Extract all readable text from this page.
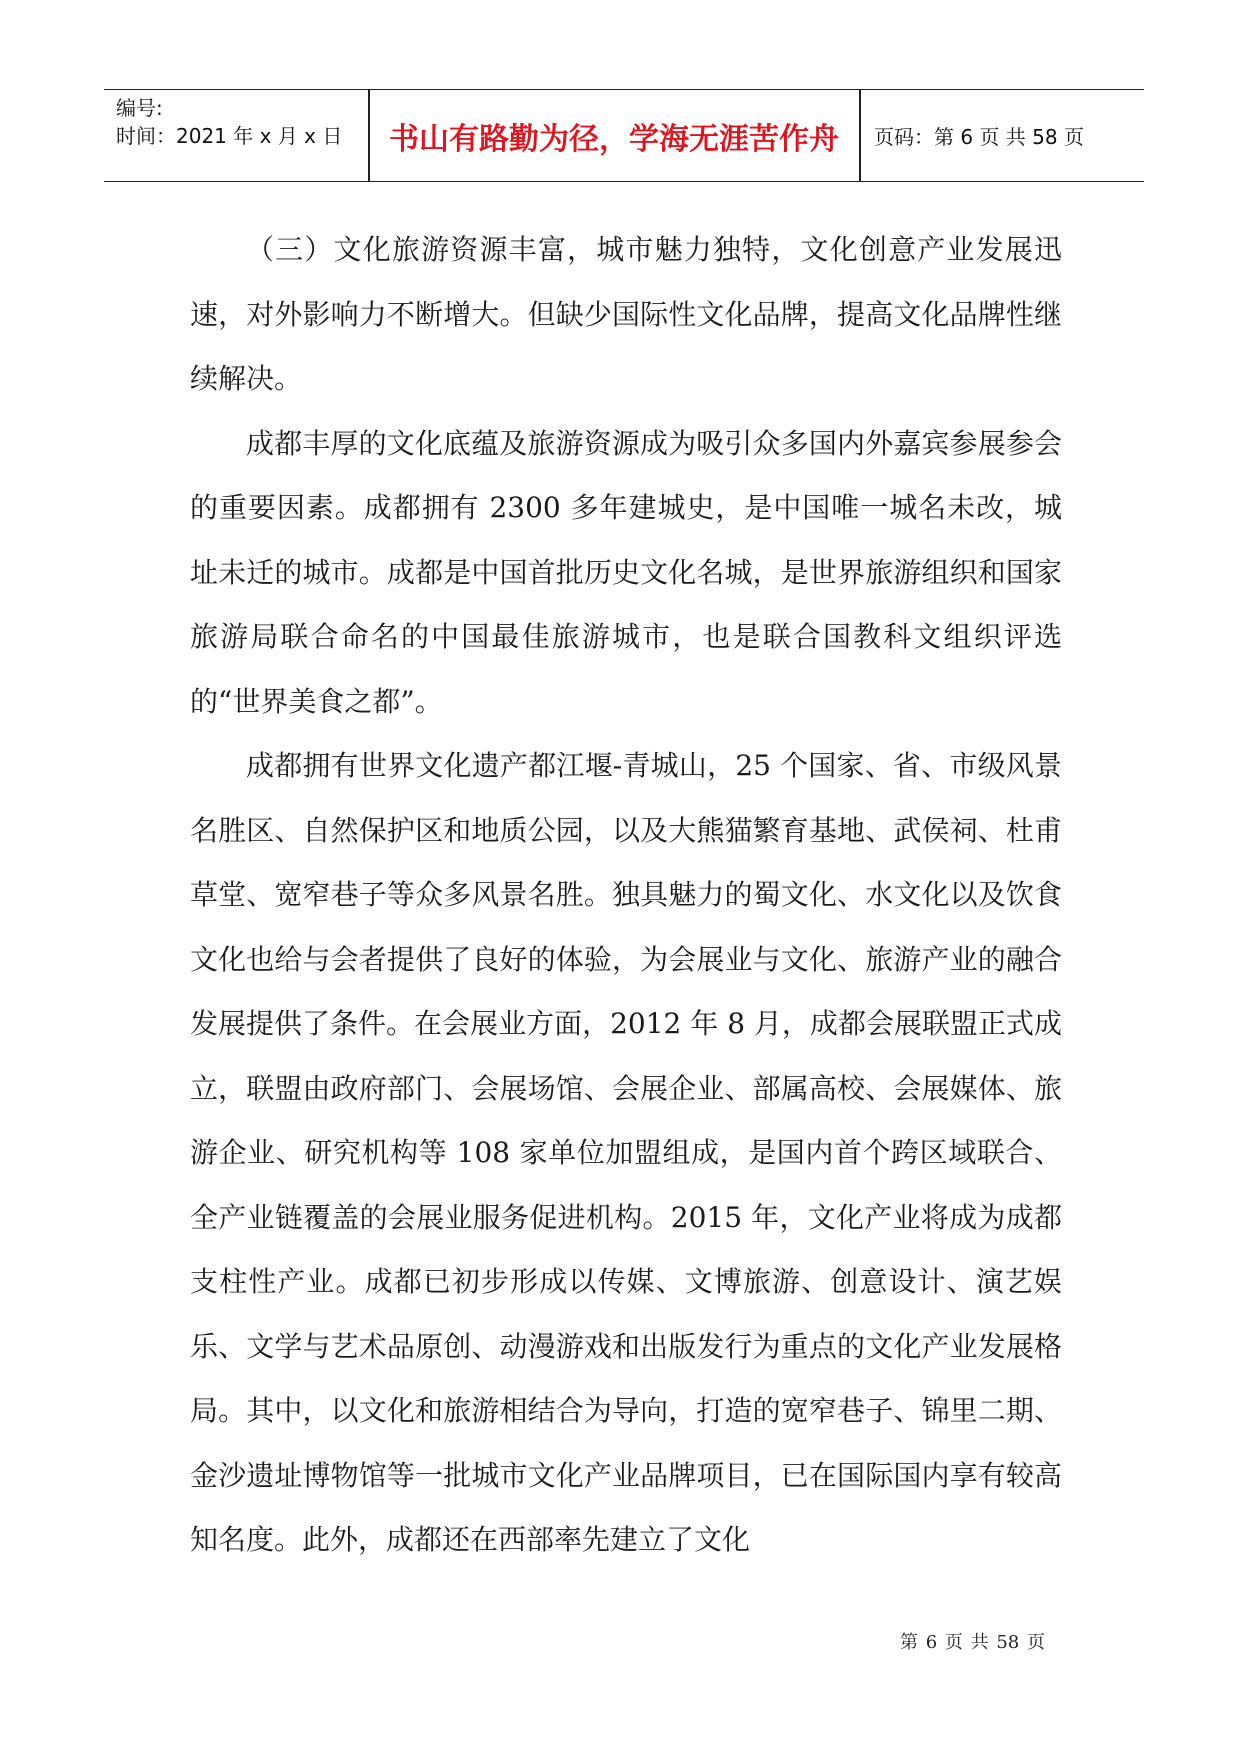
编号:
时间：2021 年 x 月 x 日	书山有路勤为径，学海无涯苦作舟	页码：第 6 页 共 58 页

（三）文化旅游资源丰富，城市魅力独特，文化创意产业发展迅速，对外影响力不断增大。但缺少国际性文化品牌，提高文化品牌性继续解决。

成都丰厚的文化底蕴及旅游资源成为吸引众多国内外嘉宾参展参会的重要因素。成都拥有 2300 多年建城史，是中国唯一城名未改，城址未迁的城市。成都是中国首批历史文化名城，是世界旅游组织和国家旅游局联合命名的中国最佳旅游城市，也是联合国教科文组织评选的“世界美食之都”。

成都拥有世界文化遗产都江堰-青城山，25 个国家、省、市级风景名胜区、自然保护区和地质公园，以及大熊猫繁育基地、武侯祠、杜甫草堂、宽窄巷子等众多风景名胜。独具魅力的蜀文化、水文化以及饮食文化也给与会者提供了良好的体验，为会展业与文化、旅游产业的融合发展提供了条件。在会展业方面，2012 年 8 月，成都会展联盟正式成立，联盟由政府部门、会展场馆、会展企业、部属高校、会展媒体、旅游企业、研究机构等 108 家单位加盟组成，是国内首个跨区域联合、全产业链覆盖的会展业服务促进机构。2015 年，文化产业将成为成都支柱性产业。成都已初步形成以传媒、文博旅游、创意设计、演艺娱乐、文学与艺术品原创、动漫游戏和出版发行为重点的文化产业发展格局。其中，以文化和旅游相结合为导向，打造的宽窄巷子、锦里二期、金沙遗址博物馆等一批城市文化产业品牌项目，已在国际国内享有较高知名度。此外，成都还在西部率先建立了文化

第 6 页 共 58 页
